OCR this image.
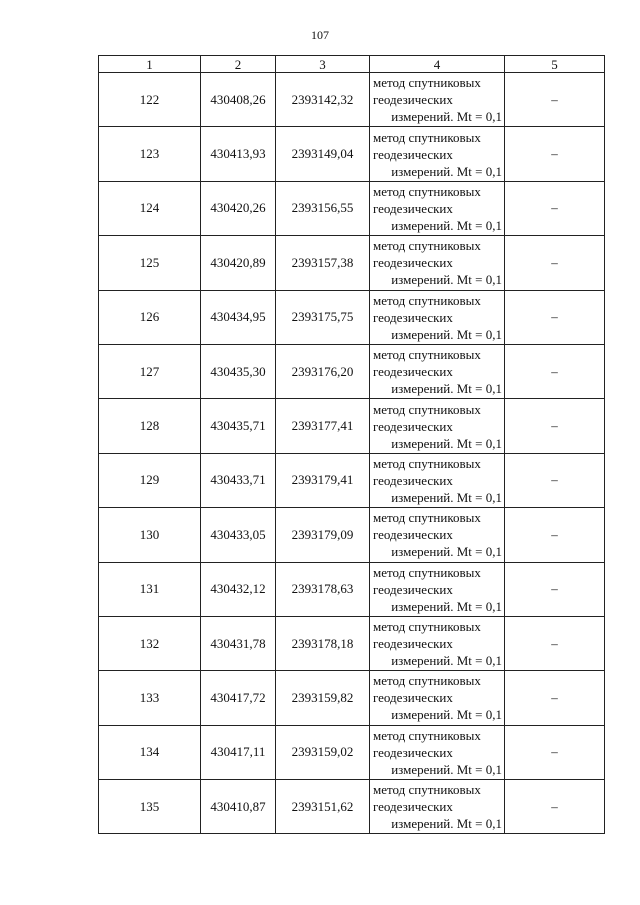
107
1	2	3	4	5
122	430408,26	2393142,32	метод спутниковых
геодезических
измерений. Mt = 0,1	–
123	430413,93	2393149,04	метод спутниковых
геодезических
измерений. Mt = 0,1	–
124	430420,26	2393156,55	метод спутниковых
геодезических
измерений. Mt = 0,1	–
125	430420,89	2393157,38	метод спутниковых
геодезических
измерений. Mt = 0,1	–
126	430434,95	2393175,75	метод спутниковых
геодезических
измерений. Mt = 0,1	–
127	430435,30	2393176,20	метод спутниковых
геодезических
измерений. Mt = 0,1	–
128	430435,71	2393177,41	метод спутниковых
геодезических
измерений. Mt = 0,1	–
129	430433,71	2393179,41	метод спутниковых
геодезических
измерений. Mt = 0,1	–
130	430433,05	2393179,09	метод спутниковых
геодезических
измерений. Mt = 0,1	–
131	430432,12	2393178,63	метод спутниковых
геодезических
измерений. Mt = 0,1	–
132	430431,78	2393178,18	метод спутниковых
геодезических
измерений. Mt = 0,1	–
133	430417,72	2393159,82	метод спутниковых
геодезических
измерений. Mt = 0,1	–
134	430417,11	2393159,02	метод спутниковых
геодезических
измерений. Mt = 0,1	–
135	430410,87	2393151,62	метод спутниковых
геодезических
измерений. Mt = 0,1	–
